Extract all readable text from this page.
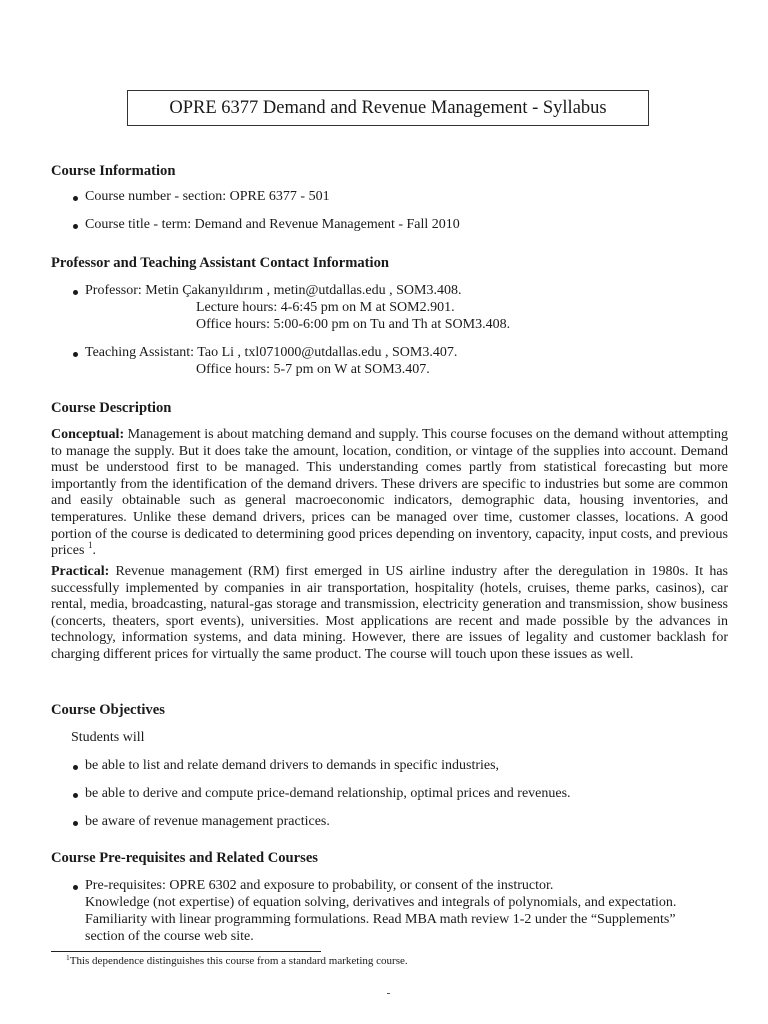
OPRE 6377 Demand and Revenue Management - Syllabus
Course Information
Course number - section: OPRE 6377 - 501
Course title - term: Demand and Revenue Management - Fall 2010
Professor and Teaching Assistant Contact Information
Professor: Metin Çakanyıldırım , metin@utdallas.edu , SOM3.408.
Lecture hours: 4-6:45 pm on M at SOM2.901.
Office hours: 5:00-6:00 pm on Tu and Th at SOM3.408.
Teaching Assistant: Tao Li , txl071000@utdallas.edu , SOM3.407.
Office hours: 5-7 pm on W at SOM3.407.
Course Description
Conceptual: Management is about matching demand and supply. This course focuses on the demand without attempting to manage the supply. But it does take the amount, location, condition, or vintage of the supplies into account. Demand must be understood first to be managed. This understanding comes partly from statistical forecasting but more importantly from the identification of the demand drivers. These drivers are specific to industries but some are common and easily obtainable such as general macroeconomic indicators, demographic data, housing inventories, and temperatures. Unlike these demand drivers, prices can be managed over time, customer classes, locations. A good portion of the course is dedicated to determining good prices depending on inventory, capacity, input costs, and previous prices $^1$.
Practical: Revenue management (RM) first emerged in US airline industry after the deregulation in 1980s. It has successfully implemented by companies in air transportation, hospitality (hotels, cruises, theme parks, casinos), car rental, media, broadcasting, natural-gas storage and transmission, electricity generation and transmission, show business (concerts, theaters, sport events), universities. Most applications are recent and made possible by the advances in technology, information systems, and data mining. However, there are issues of legality and customer backlash for charging different prices for virtually the same product. The course will touch upon these issues as well.
Course Objectives
Students will
be able to list and relate demand drivers to demands in specific industries,
be able to derive and compute price-demand relationship, optimal prices and revenues.
be aware of revenue management practices.
Course Pre-requisites and Related Courses
Pre-requisites: OPRE 6302 and exposure to probability, or consent of the instructor.
Knowledge (not expertise) of equation solving, derivatives and integrals of polynomials, and expectation.
Familiarity with linear programming formulations. Read MBA math review 1-2 under the “Supplements”
section of the course web site.
$^1$This dependence distinguishes this course from a standard marketing course.
